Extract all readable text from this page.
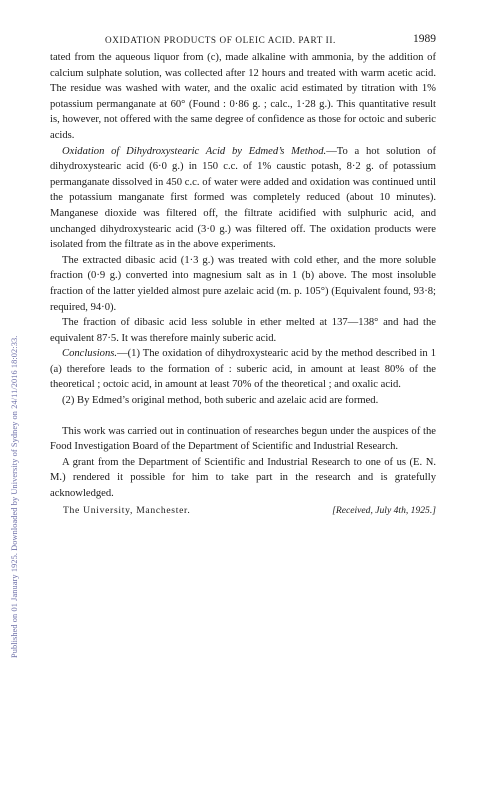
Published on 01 January 1925. Downloaded by University of Sydney on 24/11/2016 18:02:33.
OXIDATION PRODUCTS OF OLEIC ACID. PART II.	1989

tated from the aqueous liquor from (c), made alkaline with ammonia, by the addition of calcium sulphate solution, was collected after 12 hours and treated with warm acetic acid. The residue was washed with water, and the oxalic acid estimated by titration with 1% potassium permanganate at 60° (Found : 0·86 g. ; calc., 1·28 g.). This quantitative result is, however, not offered with the same degree of confidence as those for octoic and suberic acids.

Oxidation of Dihydroxystearic Acid by Edmed’s Method.—To a hot solution of dihydroxystearic acid (6·0 g.) in 150 c.c. of 1% caustic potash, 8·2 g. of potassium permanganate dissolved in 450 c.c. of water were added and oxidation was continued until the potassium manganate first formed was completely reduced (about 10 minutes). Manganese dioxide was filtered off, the filtrate acidified with sulphuric acid, and unchanged dihydroxystearic acid (3·0 g.) was filtered off. The oxidation products were isolated from the filtrate as in the above experiments.

The extracted dibasic acid (1·3 g.) was treated with cold ether, and the more soluble fraction (0·9 g.) converted into magnesium salt as in 1 (b) above. The most insoluble fraction of the latter yielded almost pure azelaic acid (m. p. 105°) (Equivalent found, 93·8; required, 94·0).

The fraction of dibasic acid less soluble in ether melted at 137—138° and had the equivalent 87·5. It was therefore mainly suberic acid.

Conclusions.—(1) The oxidation of dihydroxystearic acid by the method described in 1 (a) therefore leads to the formation of : suberic acid, in amount at least 80% of the theoretical ; octoic acid, in amount at least 70% of the theoretical ; and oxalic acid.

(2) By Edmed’s original method, both suberic and azelaic acid are formed.

This work was carried out in continuation of researches begun under the auspices of the Food Investigation Board of the Department of Scientific and Industrial Research.

A grant from the Department of Scientific and Industrial Research to one of us (E. N. M.) rendered it possible for him to take part in the research and is gratefully acknowledged.

The University, Manchester.	[Received, July 4th, 1925.]
